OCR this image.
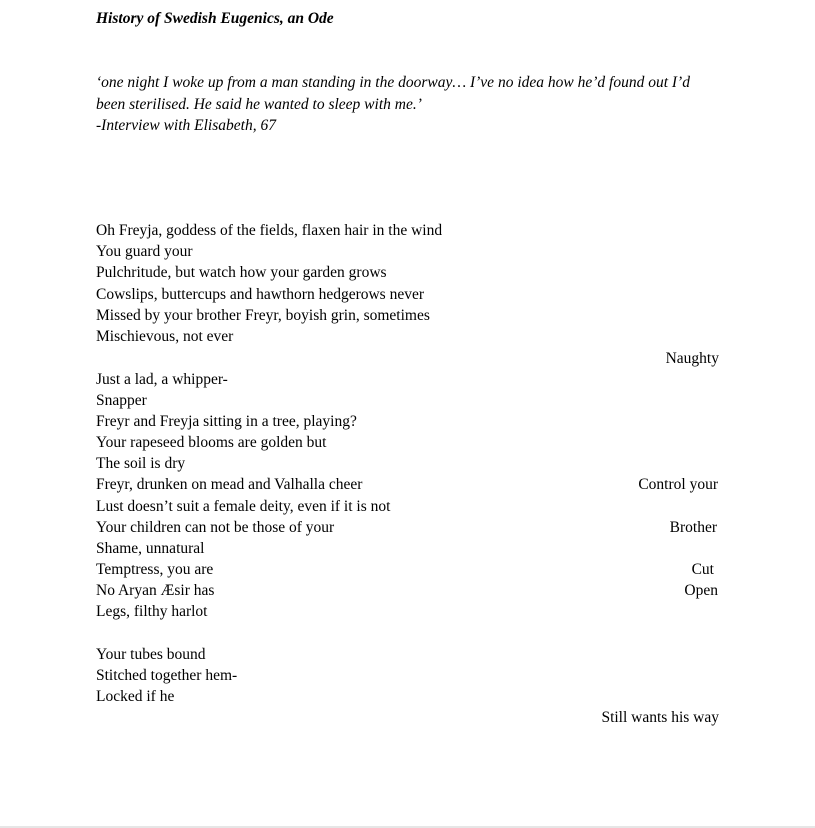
History of Swedish Eugenics, an Ode
‘one night I woke up from a man standing in the doorway… I’ve no idea how he’d found out I’d
been sterilised. He said he wanted to sleep with me.’
-Interview with Elisabeth, 67
Oh Freyja, goddess of the fields, flaxen hair in the wind
You guard your
Pulchritude, but watch how your garden grows
Cowslips, buttercups and hawthorn hedgerows never
Missed by your brother Freyr, boyish grin, sometimes
Mischievous, not ever
Naughty
Just a lad, a whipper-
Snapper
Freyr and Freyja sitting in a tree, playing?
Your rapeseed blooms are golden but
The soil is dry
Freyr, drunken on mead and Valhalla cheer	Control your
Lust doesn’t suit a female deity, even if it is not
Your children can not be those of your	Brother
Shame, unnatural
Temptress, you are	Cut
No Aryan Æsir has	Open
Legs, filthy harlot
Your tubes bound
Stitched together hem-
Locked if he
Still wants his way
